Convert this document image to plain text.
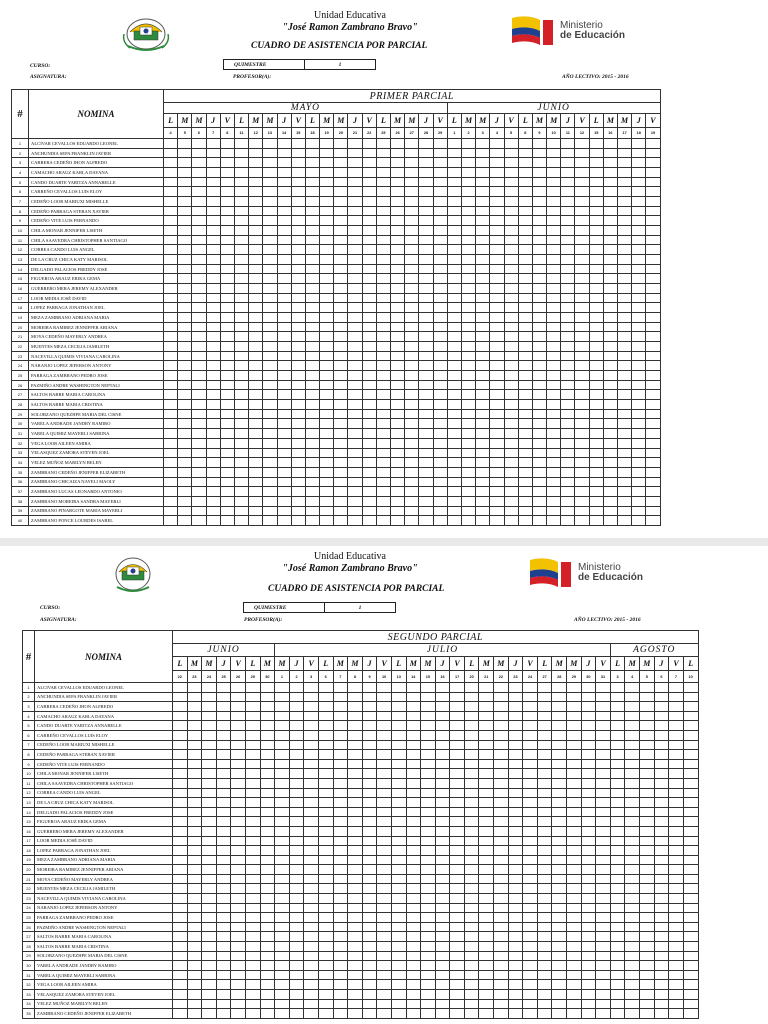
Unidad Educativa
"José Ramon Zambrano Bravo"
CUADRO DE ASISTENCIA POR PARCIAL
Ministerio
de Educación
CURSO:	QUIMESTRE	1
ASIGNATURA:	PROFESOR(A):	AÑO LECTIVO: 2015 - 2016
#	NOMINA	PRIMER PARCIAL																																		
		MAYO																				JUNIO														
		L	M	M	J	V	L	M	M	J	V	L	M	M	J	V	L	M	M	J	V	L	M	M	J	V	L	M	M	J	V	L	M	M	J	V
		4	5	6	7	8	11	12	13	14	15	18	19	20	21	22	25	26	27	28	29	1	2	3	4	5	8	9	10	11	12	15	16	17	18	19
1	ALCIVAR CEVALLOS EDUARDO LEONEL																																			
2	ANCHUNDIA SEPA FRANKLIN JAVIER																																			
3	CABRERA CEDEÑO JHON ALFREDO																																			
4	CAMACHO ARAUZ KARLA DAYANA																																			
5	CANDO DUARTE YARITZA ANNABELLE																																			
6	CARREÑO CEVALLOS LUIS ELOY																																			
7	CEDEÑO LOOR MARIUXI MISHELLE																																			
8	CEDEÑO PARRAGA STEBAN XAVIER																																			
9	CEDEÑO VITE LUIS FERNANDO																																			
10	CHILA MONAR JENNIFER LISETH																																			
11	CHILA SAAVEDRA CHRISTOPHER SANTIAGO																																			
12	CORREA CANDO LUIS ANGEL																																			
13	DE LA CRUZ CHICA KATY MARISOL																																			
14	DELGADO PALACIOS FREDDY JOSE																																			
15	FIGUEROA ARAUZ ERIKA GEMA																																			
16	GUERRERO MERA JEREMY ALEXANDER																																			
17	LOOR MEDIA JOSÉ DAVID																																			
18	LOPEZ PARRAGA JONATHAN JOEL																																			
19	MEZA ZAMBRANO ADRIANA MARIA																																			
20	MOREIRA RAMIREZ JENNIFFER ARIANA																																			
21	MOYA CEDEÑO MAYERLY ANDREA																																			
22	MUENTES MEZA CECILIA JAMILETH																																			
23	NACEVILLA QUIMIS VIVIANA CAROLINA																																			
24	NARANJO LOPEZ JEFERSON ANTONY																																			
25	PARRAGA ZAMBRANO PEDRO JOSE																																			
26	PAZMIÑO ANDRE WASHINGTON NEPTALI																																			
27	SALTOS BARRE MARIA CAROLINA																																			
28	SALTOS BARRE MARIA CRISTINA																																			
29	SOLORZANO QUEZHPE MARIA DEL CISNE																																			
30	VARELA ANDRADE JANDRY RAMIRO																																			
31	VARELA QUIMIZ MAYERLI SABRINA																																			
32	VEGA LOOR AILEEN AMIRA																																			
33	VELASQUEZ ZAMORA STEVEN JOEL																																			
34	VELEZ MUÑOZ MARILYN BELEN																																			
35	ZAMBRANO CEDEÑO JENIFFER ELIZABETH																																			
36	ZAMBRANO CHICAIZA NAYELI MAOLY																																			
37	ZAMBRANO LUCAS LEONARDO ANTONIO																																			
38	ZAMBRANO MOREIRA SANDRA MAYERLI																																			
39	ZAMBRANO PINARGOTE MARIA MAYERLI																																			
40	ZAMBRANO PONCE LOURDES ISABEL																																			
Unidad Educativa
"José Ramon Zambrano Bravo"
CUADRO DE ASISTENCIA POR PARCIAL
Ministerio
de Educación
CURSO:	QUIMESTRE	1
ASIGNATURA:	PROFESOR(A):	AÑO LECTIVO: 2015 - 2016
#	NOMINA	SEGUNDO PARCIAL																																			
		JUNIO							JULIO																							AGOSTO					
		L	M	M	J	V	L	M	M	J	V	L	M	M	J	V	L	M	M	J	V	L	M	M	J	V	L	M	M	J	V	L	M	M	J	V	L
		22	23	24	25	26	29	30	1	2	3	6	7	8	9	10	13	14	15	16	17	20	21	22	23	24	27	28	29	30	31	3	4	5	6	7	10
1	ALCIVAR CEVALLOS EDUARDO LEONEL																																				
2	ANCHUNDIA SEPA FRANKLIN JAVIER																																				
3	CABRERA CEDEÑO JHON ALFREDO																																				
4	CAMACHO ARAUZ KARLA DAYANA																																				
5	CANDO DUARTE YARITZA ANNABELLE																																				
6	CARREÑO CEVALLOS LUIS ELOY																																				
7	CEDEÑO LOOR MARIUXI MISHELLE																																				
8	CEDEÑO PARRAGA STEBAN XAVIER																																				
9	CEDEÑO VITE LUIS FERNANDO																																				
10	CHILA MONAR JENNIFER LISETH																																				
11	CHILA SAAVEDRA CHRISTOPHER SANTIAGO																																				
12	CORREA CANDO LUIS ANGEL																																				
13	DE LA CRUZ CHICA KATY MARISOL																																				
14	DELGADO PALACIOS FREDDY JOSE																																				
15	FIGUEROA ARAUZ ERIKA GEMA																																				
16	GUERRERO MERA JEREMY ALEXANDER																																				
17	LOOR MEDIA JOSÉ DAVID																																				
18	LOPEZ PARRAGA JONATHAN JOEL																																				
19	MEZA ZAMBRANO ADRIANA MARIA																																				
20	MOREIRA RAMIREZ JENNIFFER ARIANA																																				
21	MOYA CEDEÑO MAYERLY ANDREA																																				
22	MUENTES MEZA CECILIA JAMILETH																																				
23	NACEVILLA QUIMIS VIVIANA CAROLINA																																				
24	NARANJO LOPEZ JEFERSON ANTONY																																				
25	PARRAGA ZAMBRANO PEDRO JOSE																																				
26	PAZMIÑO ANDRE WASHINGTON NEPTALI																																				
27	SALTOS BARRE MARIA CAROLINA																																				
28	SALTOS BARRE MARIA CRISTINA																																				
29	SOLORZANO QUEZHPE MARIA DEL CISNE																																				
30	VARELA ANDRADE JANDRY RAMIRO																																				
31	VARELA QUIMIZ MAYERLI SABRINA																																				
32	VEGA LOOR AILEEN AMIRA																																				
33	VELASQUEZ ZAMORA STEVEN JOEL																																				
34	VELEZ MUÑOZ MARILYN BELEN																																				
35	ZAMBRANO CEDEÑO JENIFFER ELIZABETH																																				
